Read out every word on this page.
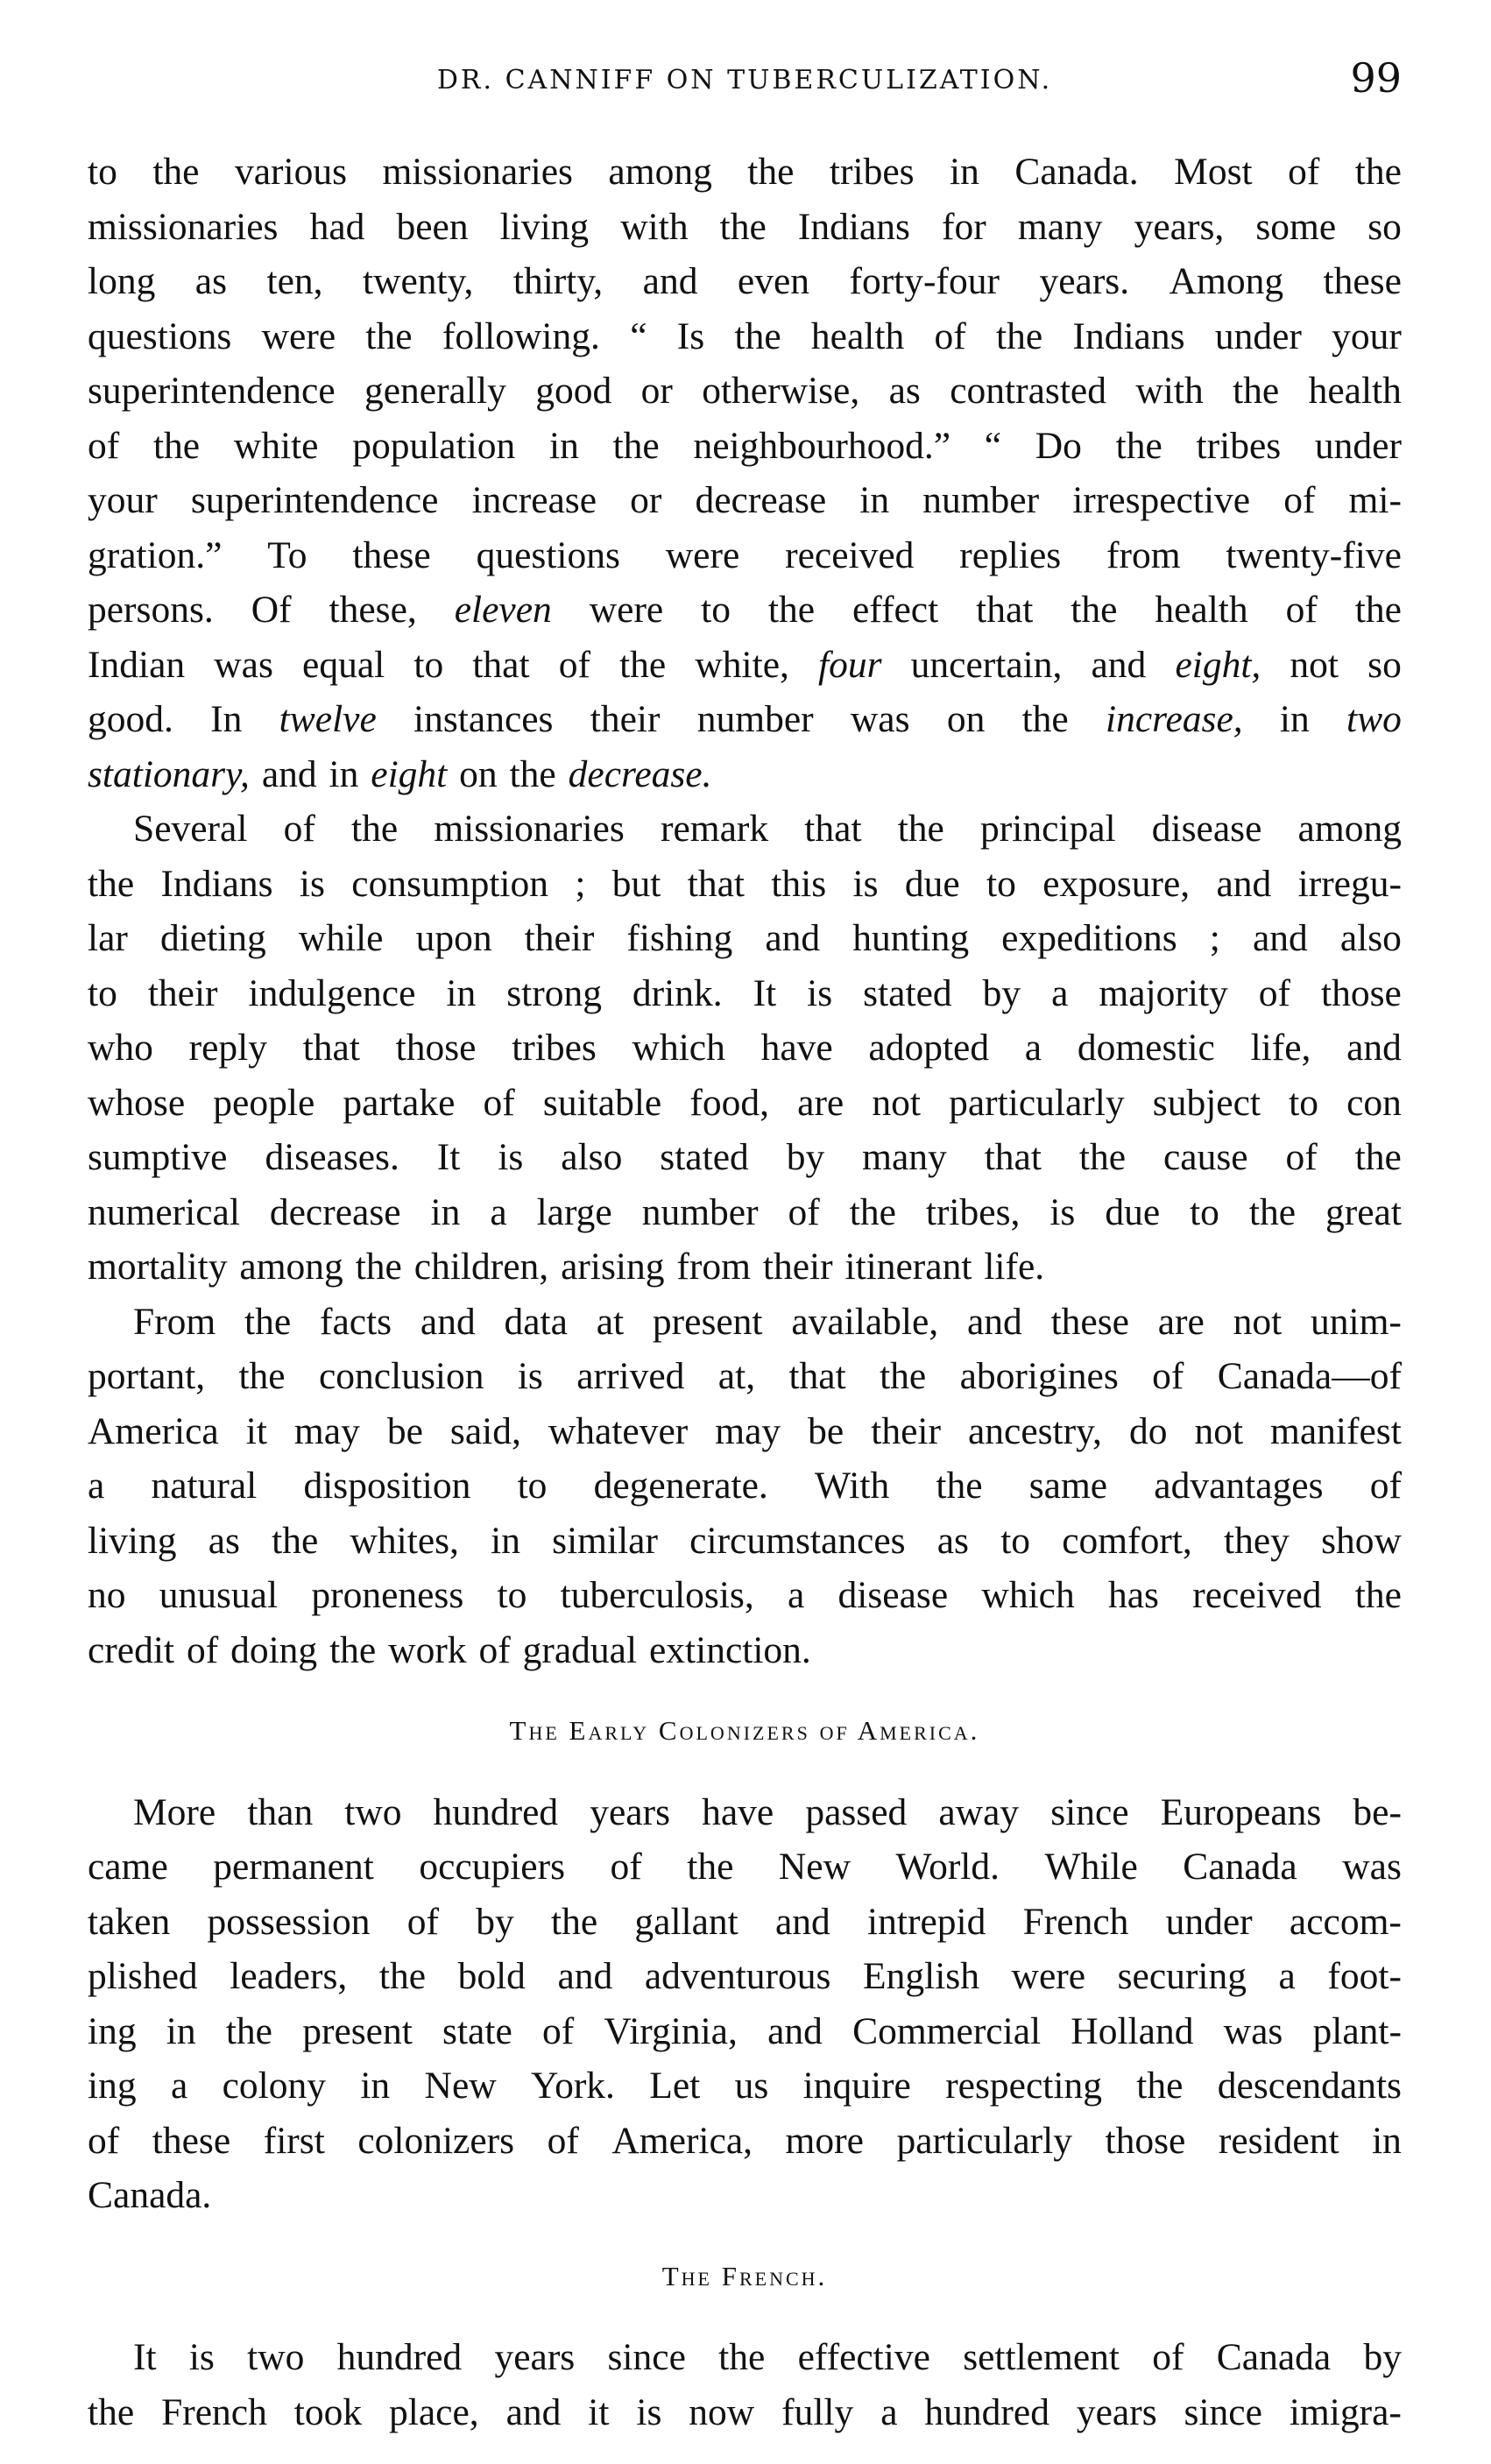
DR. CANNIFF ON TUBERCULIZATION.	99
to the various missionaries among the tribes in Canada. Most of the
missionaries had been living with the Indians for many years, some so
long as ten, twenty, thirty, and even forty-four years. Among these
questions were the following. “ Is the health of the Indians under your
superintendence generally good or otherwise, as contrasted with the health
of the white population in the neighbourhood.” “ Do the tribes under
your superintendence increase or decrease in number irrespective of mi-
gration.” To these questions were received replies from twenty-five
persons. Of these, eleven were to the effect that the health of the
Indian was equal to that of the white, four uncertain, and eight, not so
good. In twelve instances their number was on the increase, in two
stationary, and in eight on the decrease.
Several of the missionaries remark that the principal disease among
the Indians is consumption ; but that this is due to exposure, and irregu-
lar dieting while upon their fishing and hunting expeditions ; and also
to their indulgence in strong drink. It is stated by a majority of those
who reply that those tribes which have adopted a domestic life, and
whose people partake of suitable food, are not particularly subject to con
sumptive diseases. It is also stated by many that the cause of the
numerical decrease in a large number of the tribes, is due to the great
mortality among the children, arising from their itinerant life.
From the facts and data at present available, and these are not unim-
portant, the conclusion is arrived at, that the aborigines of Canada—of
America it may be said, whatever may be their ancestry, do not manifest
a natural disposition to degenerate. With the same advantages of
living as the whites, in similar circumstances as to comfort, they show
no unusual proneness to tuberculosis, a disease which has received the
credit of doing the work of gradual extinction.
The Early Colonizers of America.
More than two hundred years have passed away since Europeans be-
came permanent occupiers of the New World. While Canada was
taken possession of by the gallant and intrepid French under accom-
plished leaders, the bold and adventurous English were securing a foot-
ing in the present state of Virginia, and Commercial Holland was plant-
ing a colony in New York. Let us inquire respecting the descendants
of these first colonizers of America, more particularly those resident in
Canada.
The French.
It is two hundred years since the effective settlement of Canada by
the French took place, and it is now fully a hundred years since imigra-
